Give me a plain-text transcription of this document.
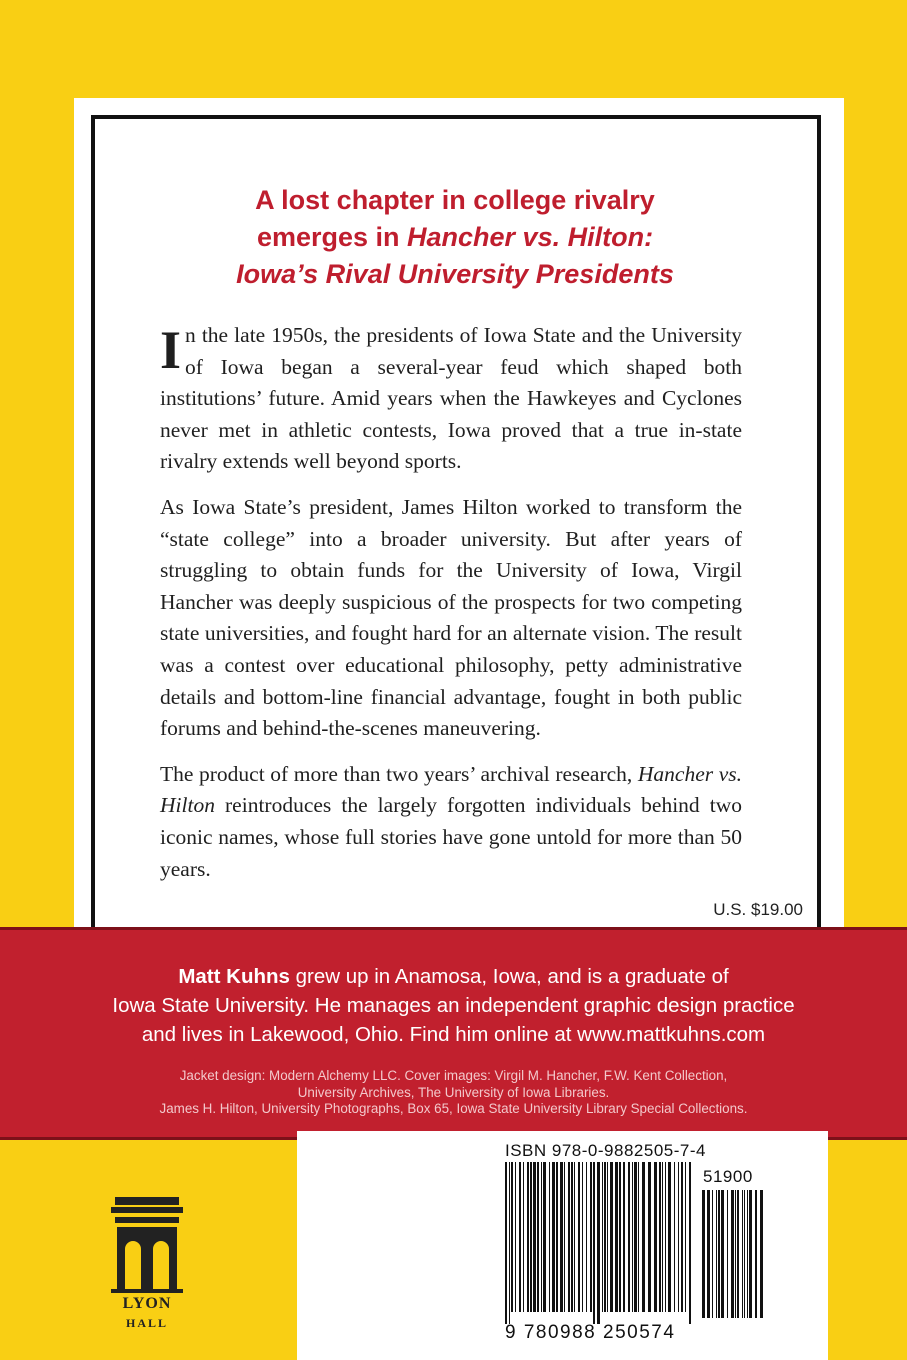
A lost chapter in college rivalry
emerges in Hancher vs. Hilton:
Iowa’s Rival University Presidents

In the late 1950s, the presidents of Iowa State and the University of Iowa began a several-year feud which shaped both institutions’ future. Amid years when the Hawkeyes and Cyclones never met in athletic contests, Iowa proved that a true in-state rivalry extends well beyond sports.

As Iowa State’s president, James Hilton worked to transform the “state college” into a broader university. But after years of struggling to obtain funds for the University of Iowa, Virgil Hancher was deeply suspicious of the prospects for two competing state universities, and fought hard for an alternate vision. The result was a contest over educational philosophy, petty administrative details and bottom-line financial advantage, fought in both public forums and behind-the-scenes maneuvering.

The product of more than two years’ archival research, Hancher vs. Hilton reintroduces the largely forgotten individuals behind two iconic names, whose full stories have gone untold for more than 50 years.

U.S. $19.00

Matt Kuhns grew up in Anamosa, Iowa, and is a graduate of
Iowa State University. He manages an independent graphic design practice
and lives in Lakewood, Ohio. Find him online at www.mattkuhns.com

Jacket design: Modern Alchemy LLC. Cover images: Virgil M. Hancher, F.W. Kent Collection,
University Archives, The University of Iowa Libraries.
James H. Hilton, University Photographs, Box 65, Iowa State University Library Special Collections.

ISBN 978-0-9882505-7-4
51900
9 780988 250574
LYON
HALL
